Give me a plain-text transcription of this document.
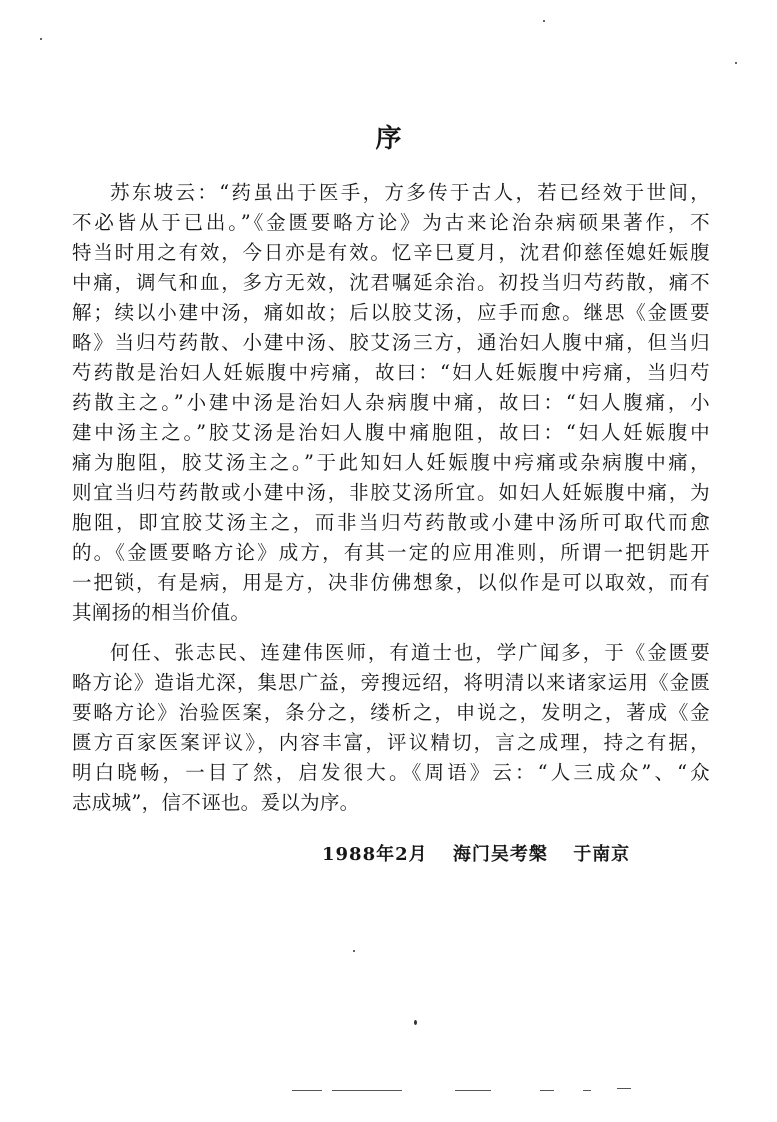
序
苏东坡云：“药虽出于医手，方多传于古人，若已经效于世间，
不必皆从于已出。”《金匮要略方论》为古来论治杂病硕果著作，不
特当时用之有效，今日亦是有效。忆辛巳夏月，沈君仰慈侄媳妊娠腹
中痛，调气和血，多方无效，沈君嘱延余治。初投当归芍药散，痛不
解；续以小建中汤，痛如故；后以胶艾汤，应手而愈。继思《金匮要
略》当归芍药散、小建中汤、胶艾汤三方，通治妇人腹中痛，但当归
芍药散是治妇人妊娠腹中疞痛，故曰：“妇人妊娠腹中疞痛，当归芍
药散主之。”小建中汤是治妇人杂病腹中痛，故曰：“妇人腹痛，小
建中汤主之。”胶艾汤是治妇人腹中痛胞阻，故曰：“妇人妊娠腹中
痛为胞阻，胶艾汤主之。”于此知妇人妊娠腹中疞痛或杂病腹中痛，
则宜当归芍药散或小建中汤，非胶艾汤所宜。如妇人妊娠腹中痛，为
胞阻，即宜胶艾汤主之，而非当归芍药散或小建中汤所可取代而愈
的。《金匮要略方论》成方，有其一定的应用准则，所谓一把钥匙开
一把锁，有是病，用是方，决非仿佛想象，以似作是可以取效，而有
其阐扬的相当价值。
何任、张志民、连建伟医师，有道士也，学广闻多，于《金匮要
略方论》造诣尤深，集思广益，旁搜远绍，将明清以来诸家运用《金匮
要略方论》治验医案，条分之，缕析之，申说之，发明之，著成《金
匮方百家医案评议》，内容丰富，评议精切，言之成理，持之有据，
明白晓畅，一目了然，启发很大。《周语》云：“人三成众”、“众
志成城”，信不诬也。爰以为序。
1988年2月 海门吴考槃 于南京
